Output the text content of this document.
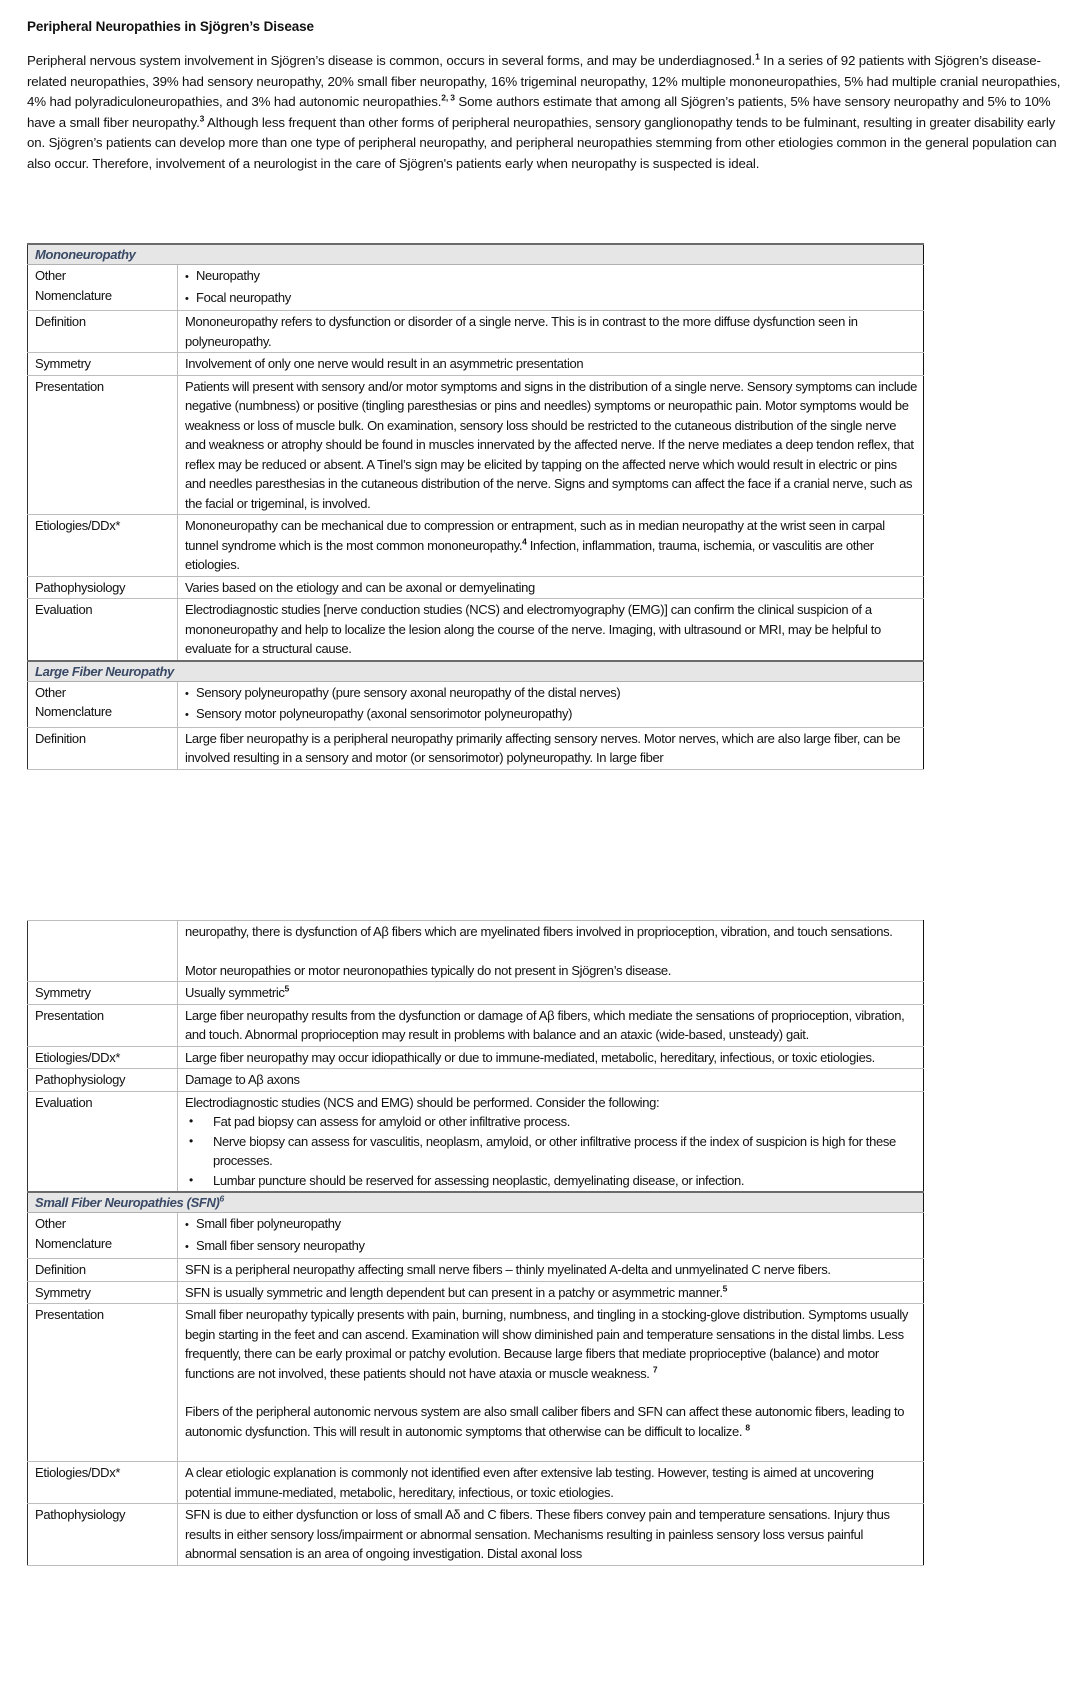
Peripheral Neuropathies in Sjögren’s Disease
Peripheral nervous system involvement in Sjögren’s disease is common, occurs in several forms, and may be underdiagnosed.$^1$ In a series of 92 patients with Sjögren’s disease-related neuropathies, 39% had sensory neuropathy, 20% small fiber neuropathy, 16% trigeminal neuropathy, 12% multiple mononeuropathies, 5% had multiple cranial neuropathies, 4% had polyradiculoneuropathies, and 3% had autonomic neuropathies.$^{2, 3}$ Some authors estimate that among all Sjögren’s patients, 5% have sensory neuropathy and 5% to 10% have a small fiber neuropathy.$^3$ Although less frequent than other forms of peripheral neuropathies, sensory ganglionopathy tends to be fulminant, resulting in greater disability early on. Sjögren’s patients can develop more than one type of peripheral neuropathy, and peripheral neuropathies stemming from other etiologies common in the general population can also occur. Therefore, involvement of a neurologist in the care of Sjögren's patients early when neuropathy is suspected is ideal.
Mononeuropathy	
Other
Nomenclature	• Neuropathy
• Focal neuropathy

Definition	Mononeuropathy refers to dysfunction or disorder of a single nerve. This is in contrast to the more diffuse dysfunction seen in polyneuropathy.
Symmetry	Involvement of only one nerve would result in an asymmetric presentation
Presentation	Patients will present with sensory and/or motor symptoms and signs in the distribution of a single nerve. Sensory symptoms can include negative (numbness) or positive (tingling paresthesias or pins and needles) symptoms or neuropathic pain. Motor symptoms would be weakness or loss of muscle bulk. On examination, sensory loss should be restricted to the cutaneous distribution of the single nerve and weakness or atrophy should be found in muscles innervated by the affected nerve. If the nerve mediates a deep tendon reflex, that reflex may be reduced or absent. A Tinel’s sign may be elicited by tapping on the affected nerve which would result in electric or pins and needles paresthesias in the cutaneous distribution of the nerve. Signs and symptoms can affect the face if a cranial nerve, such as the facial or trigeminal, is involved.
Etiologies/DDx*	Mononeuropathy can be mechanical due to compression or entrapment, such as in median neuropathy at the wrist seen in carpal tunnel syndrome which is the most common mononeuropathy.$^4$ Infection, inflammation, trauma, ischemia, or vasculitis are other etiologies.
Pathophysiology	Varies based on the etiology and can be axonal or demyelinating
Evaluation	Electrodiagnostic studies [nerve conduction studies (NCS) and electromyography (EMG)] can confirm the clinical suspicion of a mononeuropathy and help to localize the lesion along the course of the nerve. Imaging, with ultrasound or MRI, may be helpful to evaluate for a structural cause.
Large Fiber Neuropathy	
Other
Nomenclature	• Sensory polyneuropathy (pure sensory axonal neuropathy of the distal nerves)
• Sensory motor polyneuropathy (axonal sensorimotor polyneuropathy)

Definition	Large fiber neuropathy is a peripheral neuropathy primarily affecting sensory nerves. Motor nerves, which are also large fiber, can be involved resulting in a sensory and motor (or sensorimotor) polyneuropathy. In large fiber
	neuropathy, there is dysfunction of Aβ fibers which are myelinated fibers involved in proprioception, vibration, and touch sensations.
Motor neuropathies or motor neuronopathies typically do not present in Sjögren’s disease.
Symmetry	Usually symmetric$^5$
Presentation	Large fiber neuropathy results from the dysfunction or damage of Aβ fibers, which mediate the sensations of proprioception, vibration, and touch. Abnormal proprioception may result in problems with balance and an ataxic (wide-based, unsteady) gait.
Etiologies/DDx*	Large fiber neuropathy may occur idiopathically or due to immune-mediated, metabolic, hereditary, infectious, or toxic etiologies.
Pathophysiology	Damage to Aβ axons
Evaluation	Electrodiagnostic studies (NCS and EMG) should be performed. Consider the following:
• Fat pad biopsy can assess for amyloid or other infiltrative process.
• Nerve biopsy can assess for vasculitis, neoplasm, amyloid, or other infiltrative process if the index of suspicion is high for these processes.
• Lumbar puncture should be reserved for assessing neoplastic, demyelinating disease, or infection.

Small Fiber Neuropathies (SFN)$^6$
Other
Nomenclature	• Small fiber polyneuropathy
• Small fiber sensory neuropathy

Definition	SFN is a peripheral neuropathy affecting small nerve fibers – thinly myelinated A-delta and unmyelinated C nerve fibers.
Symmetry	SFN is usually symmetric and length dependent but can present in a patchy or asymmetric manner.$^5$
Presentation	Small fiber neuropathy typically presents with pain, burning, numbness, and tingling in a stocking-glove distribution. Symptoms usually begin starting in the feet and can ascend. Examination will show diminished pain and temperature sensations in the distal limbs. Less frequently, there can be early proximal or patchy evolution. Because large fibers that mediate proprioceptive (balance) and motor functions are not involved, these patients should not have ataxia or muscle weakness. $^7$
Fibers of the peripheral autonomic nervous system are also small caliber fibers and SFN can affect these autonomic fibers, leading to autonomic dysfunction. This will result in autonomic symptoms that otherwise can be difficult to localize. $^8$

Etiologies/DDx*	A clear etiologic explanation is commonly not identified even after extensive lab testing. However, testing is aimed at uncovering potential immune-mediated, metabolic, hereditary, infectious, or toxic etiologies.
Pathophysiology	SFN is due to either dysfunction or loss of small Aδ and C fibers. These fibers convey pain and temperature sensations. Injury thus results in either sensory loss/impairment or abnormal sensation. Mechanisms resulting in painless sensory loss versus painful abnormal sensation is an area of ongoing investigation. Distal axonal loss
